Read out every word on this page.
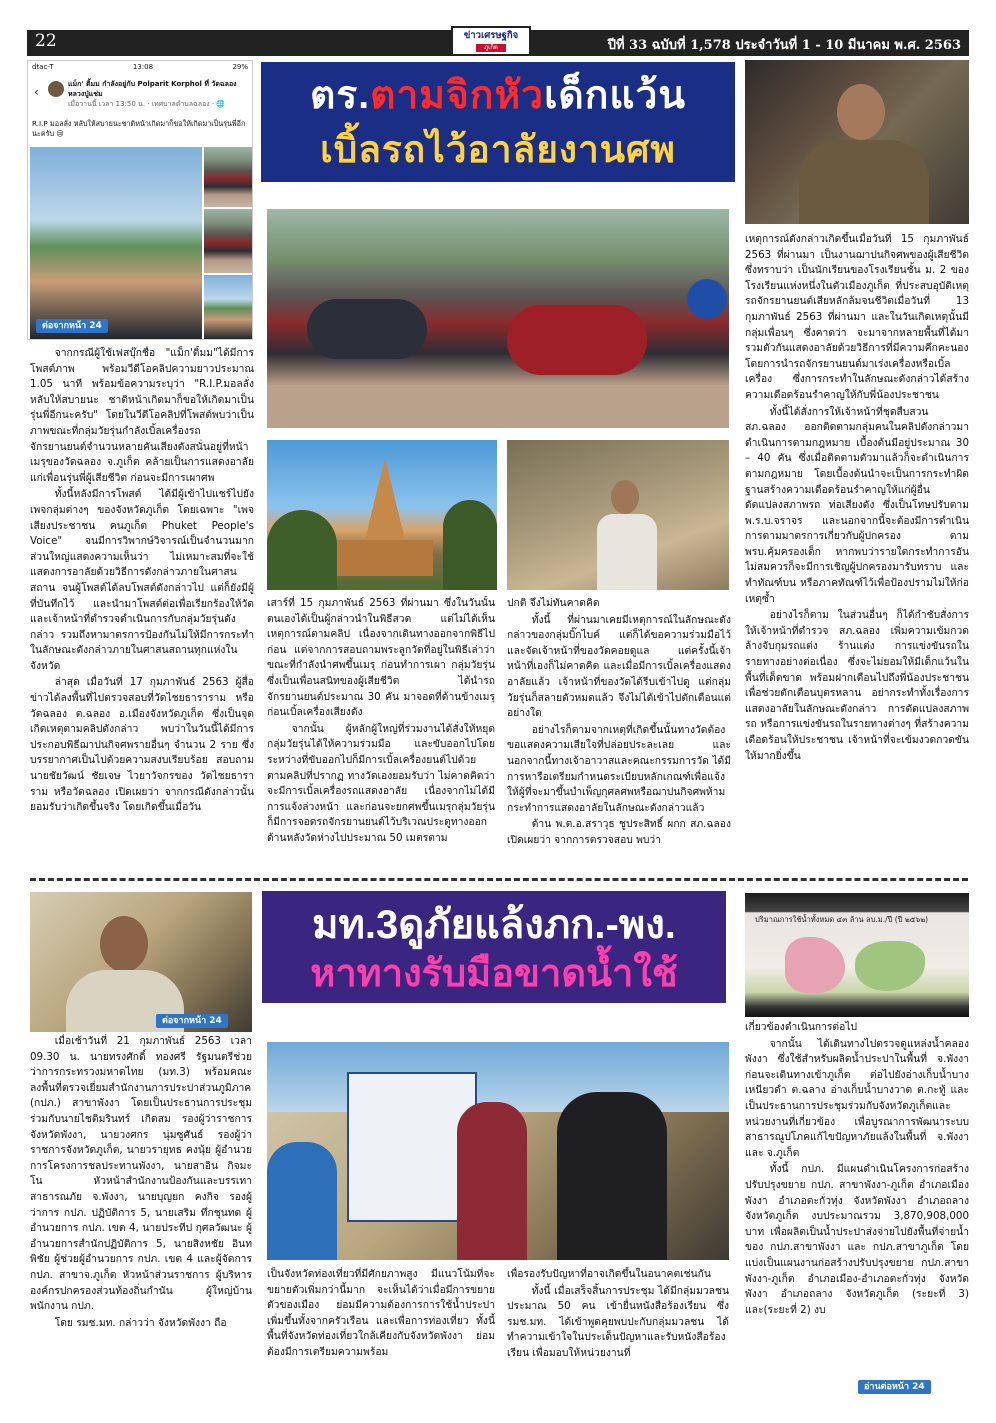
22	ข่าวเศรษฐกิจ
ภูเก็ต	ปีที่ 33 ฉบับที่ 1,578 ประจำวันที่ 1 - 10 มีนาคม พ.ศ. 2563
dtac-T	13:08	29%
‹
แม็ก' ติ้มม กำลังอยู่กับ Polparit Korphol ที่ วัดฉลอง หลวงปู่แช่ม
เมื่อวานนี้ เวลา 13:50 น. · เทศบาลตำบลฉลอง · 🌐
R.I.P มอลลั่ง หลับให้สบายนะชาติหน้าเกิดมาก็ขอให้เกิดมาเป็นรุ่นพี่อีกนะครับ 😢
ต่อจากหน้า 24
ตร.ตามจิกหัวเด็กแว้น
เบิ้ลรถไว้อาลัยงานศพ

จากกรณีผู้ใช้เฟสบุ๊กชื่อ "แม็ก'ติ้มม"ได้มีการโพสต์ภาพ พร้อมวีดีโอคลิปความยาวประมาณ 1.05 นาที พร้อมข้อความระบุว่า "R.I.P.มอลลั่งหลับให้สบายนะ ชาติหน้าเกิดมาก็ขอให้เกิดมาเป็นรุ่นพี่อีกนะครับ" โดยในวีดีโอคลิปที่โพสต์พบว่าเป็นภาพขณะที่กลุ่มวัยรุ่นกำลังเบิ้ลเครื่องรถจักรยานยนต์จำนวนหลายคันเสียงดังสนั่นอยู่ที่หน้าเมรุของวัดฉลอง จ.ภูเก็ต คล้ายเป็นการแสดงอาลัยแก่เพื่อนรุ่นพี่ผู้เสียชีวิต ก่อนจะมีการเผาศพ

ทั้งนี้หลังมีการโพสต์ ได้มีผู้เข้าไปแชร์ไปยังเพจกลุ่มต่างๆ ของจังหวัดภูเก็ต โดยเฉพาะ "เพจเสียงประชาชน คนภูเก็ต Phuket People's Voice" จนมีการวิพากษ์วิจารณ์เป็นจำนวนมาก ส่วนใหญ่แสดงความเห็นว่า ไม่เหมาะสมที่จะใช้แสดงการอาลัยด้วยวิธีการดังกล่าวภายในศาสนสถาน จนผู้โพสต์ได้ลบโพสต์ดังกล่าวไป แต่ก็ยังมีผู้ที่บันทึกไว้ และนำมาโพสต์ต่อเพื่อเรียกร้องให้วัด และเจ้าหน้าที่ตำรวจดำเนินการกับกลุ่มวัยรุ่นดังกล่าว รวมถึงหามาตรการป้องกันไม่ให้มีการกระทำในลักษณะดังกล่าวภายในศาสนสถานทุกแห่งในจังหวัด

ล่าสุด เมื่อวันที่ 17 กุมภาพันธ์ 2563 ผู้สื่อข่าวได้ลงพื้นที่ไปตรวจสอบที่วัดไชยธาราราม หรือวัดฉลอง ต.ฉลอง อ.เมืองจังหวัดภูเก็ต ซึ่งเป็นจุดเกิดเหตุตามคลิปดังกล่าว พบว่าในวันนี้ได้มีการประกอบพิธีฌาปนกิจศพรายอื่นๆ จำนวน 2 ราย ซึ่งบรรยากาศเป็นไปด้วยความสงบเรียบร้อย สอบถามนายชัยวัฒน์ ชัยเจษ ไวยาวัจกรของ วัดไชยธาราราม หรือวัดฉลอง เปิดเผยว่า จากกรณีดังกล่าวนั้น ยอมรับว่าเกิดขึ้นจริง โดยเกิดขึ้นเมื่อวัน

เสาร์ที่ 15 กุมภาพันธ์ 2563 ที่ผ่านมา ซึ่งในวันนั้นตนเองได้เป็นผู้กล่าวนำในพิธีสวด แต่ไม่ได้เห็นเหตุการณ์ตามคลิป เนื่องจากเดินทางออกจากพิธีไปก่อน แต่จากการสอบถามพระลูกวัดที่อยู่ในพิธีเล่าว่า ขณะที่กำลังนำศพขึ้นเมรุ ก่อนทำการเผา กลุ่มวัยรุ่นซึ่งเป็นเพื่อนสนิทของผู้เสียชีวิต ได้นำรถจักรยานยนต์ประมาณ 30 คัน มาจอดที่ด้านข้างเมรุ ก่อนเบิ้ลเครื่องเสียงดัง

จากนั้น ผู้หลักผู้ใหญ่ที่ร่วมงานได้สั่งให้หยุด กลุ่มวัยรุ่นได้ให้ความร่วมมือ และขับออกไปโดยระหว่างที่ขับออกไปก็มีการเบิ้ลเครื่องยนต์ไปด้วยตามคลิปที่ปรากฏ ทางวัดเองยอมรับว่า ไม่คาดคิดว่าจะมีการเบิ้ลเครื่องรถแสดงอาลัย เนื่องจากไม่ได้มีการแจ้งล่วงหน้า และก่อนจะยกศพขึ้นเมรุกลุ่มวัยรุ่นก็มีการจอดรถจักรยานยนต์ไว้บริเวณประตูทางออกด้านหลังวัดห่างไปประมาณ 50 เมตรตาม

ปกติ จึงไม่ทันคาดคิด

ทั้งนี้ ที่ผ่านมาเคยมีเหตุการณ์ในลักษณะดังกล่าวของกลุ่มบิ๊กไบค์ แต่ก็ได้ขอความร่วมมือไว้ และจัดเจ้าหน้าที่ของวัดคอยดูแล แต่ครั้งนี้เจ้าหน้าที่เองก็ไม่คาดคิด และเมื่อมีการเบิ้ลเครื่องแสดงอาลัยแล้ว เจ้าหน้าที่ของวัดได้รีบเข้าไปดู แต่กลุ่มวัยรุ่นก็สลายตัวหมดแล้ว จึงไม่ได้เข้าไปตักเตือนแต่อย่างใด

อย่างไรก็ตามจากเหตุที่เกิดขึ้นนั้นทางวัดต้องขอแสดงความเสียใจที่ปล่อยประละเลย และนอกจากนี้ทางเจ้าอาวาสและคณะกรรมการวัด ได้มีการหารือเตรียมกำหนดระเบียบหลักเกณฑ์เพื่อแจ้งให้ผู้ที่จะมาขึ้นบำเพ็ญกุศลศพหรือฌาปนกิจศพห้ามกระทำการแสดงอาลัยในลักษณะดังกล่าวแล้ว

ด้าน พ.ต.อ.สราวุธ ชูประสิทธิ์ ผกก สภ.ฉลอง เปิดเผยว่า จากการตรวจสอบ พบว่า

เหตุการณ์ดังกล่าวเกิดขึ้นเมื่อวันที่ 15 กุมภาพันธ์ 2563 ที่ผ่านมา เป็นงานฌาปนกิจศพของผู้เสียชีวิต ซึ่งทราบว่า เป็นนักเรียนของโรงเรียนชั้น ม. 2 ของโรงเรียนแห่งหนึ่งในตัวเมืองภูเก็ต ที่ประสบอุบัติเหตุรถจักรยานยนต์เสียหลักล้มจนชีวิตเมื่อวันที่ 13 กุมภาพันธ์ 2563 ที่ผ่านมา และในวันเกิดเหตุนั้นมีกลุ่มเพื่อนๆ ซึ่งคาดว่า จะมาจากหลายพื้นที่ได้มารวมตัวกันแสดงอาลัยด้วยวิธีการที่มีความคึกคะนอง โดยการนำรถจักรยานยนต์มาเร่งเครื่องหรือเบิ้ลเครื่อง ซึ่งการกระทำในลักษณะดังกล่าวได้สร้างความเดือดร้อนรำคาญให้กับพี่น้องประชาชน

ทั้งนี้ได้สั่งการให้เจ้าหน้าที่ชุดสืบสวน สภ.ฉลอง ออกติดตามกลุ่มคนในคลิปดังกล่าวมาดำเนินการตามกฎหมาย เบื้องต้นมีอยู่ประมาณ 30 – 40 คัน ซึ่งเมื่อติดตามตัวมาแล้วก็จะดำเนินการตามกฎหมาย โดยเบื้องต้นนำจะเป็นการกระทำผิดฐานสร้างความเดือดร้อนรำคาญให้แก่ผู้อื่น ดัดแปลงสภาพรถ ท่อเสียงดัง ซึ่งเป็นโทษปรับตาม พ.ร.บ.จราจร และนอกจากนี้จะต้องมีการดำเนินการตามมาตรการเกี่ยวกับผู้ปกครอง ตาม พรบ.คุ้มครองเด็ก หากพบว่ารายใดกระทำการอันไม่สมควรก็จะมีการเชิญผู้ปกครองมารับทราบ และทำทัณฑ์บน หรือภาคทัณฑ์ไว้เพื่อป้องปรามไม่ให้ก่อเหตุซ้ำ

อย่างไรก็ตาม ในส่วนอื่นๆ ก็ได้กำชับสั่งการให้เจ้าหน้าที่ตำรวจ สภ.ฉลอง เพิ่มความเข้มกวดล้างจับกุมรถแต่ง ร้านแต่ง การแข่งขันรถในรายทางอย่างต่อเนื่อง ซึ่งจะไม่ยอมให้มีเด็กแว้นในพื้นที่เด็ดขาด พร้อมฝากเตือนไปถึงพี่น้องประชาชนเพื่อช่วยตักเตือนบุตรหลาน อย่ากระทำทั้งเรื่องการแสดงอาลัยในลักษณะดังกล่าว การดัดแปลงสภาพรถ หรือการแข่งขันรถในรายทางต่างๆ ที่สร้างความเดือดร้อนให้ประชาชน เจ้าหน้าที่จะเข้มงวดกวดขันให้มากยิ่งขึ้น

ต่อจากหน้า 24
มท.3ดูภัยแล้งภก.-พง.
หาทางรับมือขาดน้ำใช้
ปริมาณการใช้น้ำทั้งหมด ๔๓ ล้าน ลบ.ม./ปี (ปี ๒๕๖๒)

เมื่อเช้าวันที่ 21 กุมภาพันธ์ 2563 เวลา 09.30 น. นายทรงศักดิ์ ทองศรี รัฐมนตรีช่วยว่าการกระทรวงมหาดไทย (มท.3) พร้อมคณะ ลงพื้นที่ตรวจเยี่ยมสำนักงานการประปาส่วนภูมิภาค (กปภ.) สาขาพังงา โดยเป็นประธานการประชุม ร่วมกับนายไชติมรินทร์ เกิดสม รองผู้ว่าราชการจังหวัดพังงา, นายวงศกร นุ่มซูศันธ์ รองผู้ว่าราชการจังหวัดภูเก็ต, นายวรายุทธ คงนุ้ย ผู้อำนวยการโครงการชลประทานพังงา, นายสาอิน กิจมะโน หัวหน้าสำนักงานป้องกันและบรรเทาสาธารณภัย จ.พังงา, นายบุญยก คงกิจ รองผู้ว่าการ กปภ. ปฏิบัติการ 5, นายเสริม ทึกชุนทด ผู้อำนวยการ กปภ. เขต 4, นายประทีป กุศลวัฒนะ ผู้อำนวยการสำนักปฏิบัติการ 5, นายสิงหชัย อินทพิชัย ผู้ช่วยผู้อำนวยการ กปภ. เขต 4 และผู้จัดการ กปภ. สาขาจ.ภูเก็ต หัวหน้าส่วนราชการ ผู้บริหารองค์กรปกครองส่วนท้องถิ่นกำนัน ผู้ใหญ่บ้าน พนักงาน กปภ.

โดย รมช.มท. กล่าวว่า จังหวัดพังงา ถือ

เป็นจังหวัดท่องเที่ยวที่มีศักยภาพสูง มีแนวโน้มที่จะขยายตัวเพิ่มกว่านี้มาก จะเห็นได้ว่าเมื่อมีการขยายตัวของเมือง ย่อมมีความต้องการการใช้น้ำประปาเพิ่มขึ้นทั้งจากครัวเรือน และเพื่อการท่องเที่ยว ทั้งนี้ พื้นที่จังหวัดท่องเที่ยวใกล้เคียงกับจังหวัดพังงา ย่อมต้องมีการเตรียมความพร้อม

เพื่อรองรับปัญหาที่อาจเกิดขึ้นในอนาคตเช่นกัน

ทั้งนี้ เมื่อเสร็จสิ้นการประชุม ได้มีกลุ่มมวลชนประมาณ 50 คน เข้ายื่นหนังสือร้องเรียน ซึ่ง รมช.มท. ได้เข้าพูดคุยพบปะกับกลุ่มมวลชน ได้ทำความเข้าใจในประเด็นปัญหาและรับหนังสือร้องเรียน เพื่อมอบให้หน่วยงานที่

เกี่ยวข้องดำเนินการต่อไป

จากนั้น ได้เดินทางไปตรวจดูแหล่งน้ำคลองพังงา ซึ่งใช้สำหรับผลิตน้ำประปาในพื้นที่ จ.พังงา ก่อนจะเดินทางเข้าภูเก็ต ต่อไปยังอ่างเก็บน้ำบางเหนียวดำ ต.ฉลาง อ่างเก็บน้ำบางวาด ต.กะทู้ และเป็นประธานการประชุมร่วมกับจังหวัดภูเก็ตและหน่วยงานที่เกี่ยวข้อง เพื่อบูรณาการพัฒนาระบบสาธารณูปโภคแก้ไขปัญหาภัยแล้งในพื้นที่ จ.พังงา และ จ.ภูเก็ต

ทั้งนี้ กปภ. มีแผนดำเนินโครงการก่อสร้างปรับปรุงขยาย กปภ. สาขาพังงา-ภูเก็ต อำเภอเมืองพังงา อำเภอตะกั่วทุ่ง จังหวัดพังงา อำเภอถลาง จังหวัดภูเก็ต งบประมาณรวม 3,870,908,000 บาท เพื่อผลิตเป็นน้ำประปาส่งจ่ายไปยังพื้นที่จ่ายน้ำของ กปภ.สาขาพังงา และ กปภ.สาขาภูเก็ต โดยแบ่งเป็นแผนงานก่อสร้างปรับปรุงขยาย กปภ.สาขาพังงา-ภูเก็ต อำเภอเมือง-อำเภอตะกั่วทุ่ง จังหวัดพังงา อำเภอถลาง จังหวัดภูเก็ต (ระยะที่ 3) และ(ระยะที่ 2) งบ

อ่านต่อหน้า 24
